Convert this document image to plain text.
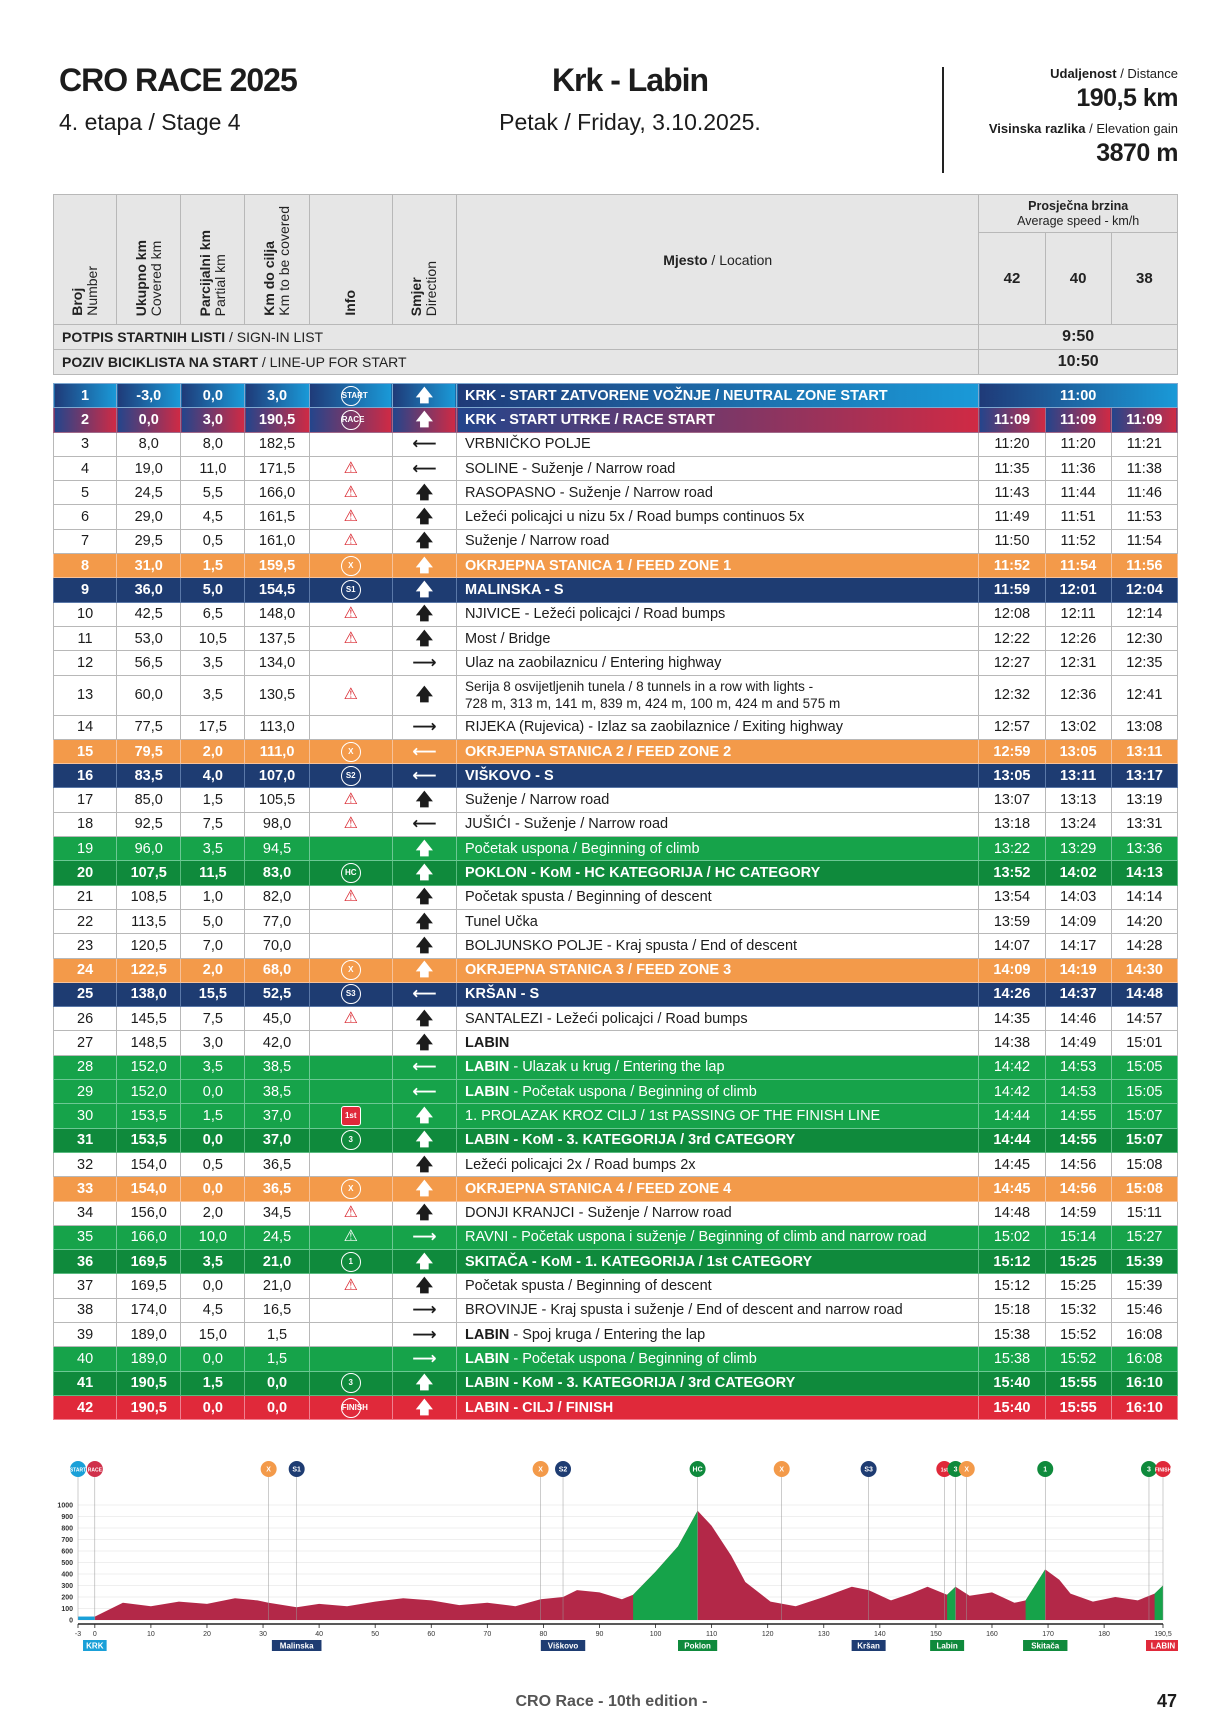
CRO RACE 2025
4. etapa / Stage 4
Krk - Labin
Petak / Friday, 3.10.2025.
Udaljenost / Distance
190,5 km
Visinska razlika / Elevation gain
3870 m
Broj
Number	Ukupno km
Covered km	Parcijalni km
Partial km	Km do cilja
Km to be covered	Info	Smjer
Direction	Mjesto / Location	Prosječna brzina
Average speed - km/h		
							42	40	38
POTPIS STARTNIH LISTI / SIGN-IN LIST							9:50		
POZIV BICIKLISTA NA START / LINE-UP FOR START							10:50		

1	-3,0	0,0	3,0	START	🡅	KRK - START ZATVORENE VOŽNJE / NEUTRAL ZONE START	11:00		
2	0,0	3,0	190,5	RACE	🡅	KRK - START UTRKE / RACE START	11:09	11:09	11:09
3	8,0	8,0	182,5		⟵	VRBNIČKO POLJE	11:20	11:20	11:21
4	19,0	11,0	171,5	⚠	⟵	SOLINE - Suženje / Narrow road	11:35	11:36	11:38
5	24,5	5,5	166,0	⚠	🡅	RASOPASNO - Suženje / Narrow road	11:43	11:44	11:46
6	29,0	4,5	161,5	⚠	🡅	Ležeći policajci u nizu 5x / Road bumps continuos 5x	11:49	11:51	11:53
7	29,5	0,5	161,0	⚠	🡅	Suženje / Narrow road	11:50	11:52	11:54
8	31,0	1,5	159,5	X	🡅	OKRJEPNA STANICA 1 / FEED ZONE 1	11:52	11:54	11:56
9	36,0	5,0	154,5	S1	🡅	MALINSKA - S	11:59	12:01	12:04
10	42,5	6,5	148,0	⚠	🡅	NJIVICE - Ležeći policajci / Road bumps	12:08	12:11	12:14
11	53,0	10,5	137,5	⚠	🡅	Most / Bridge	12:22	12:26	12:30
12	56,5	3,5	134,0		⟶	Ulaz na zaobilaznicu / Entering highway	12:27	12:31	12:35
13	60,0	3,5	130,5	⚠	🡅	Serija 8 osvijetljenih tunela / 8 tunnels in a row with lights -
728 m, 313 m, 141 m, 839 m, 424 m, 100 m, 424 m and 575 m	12:32	12:36	12:41
14	77,5	17,5	113,0		⟶	RIJEKA (Rujevica) - Izlaz sa zaobilaznice / Exiting highway	12:57	13:02	13:08
15	79,5	2,0	111,0	X	⟵	OKRJEPNA STANICA 2 / FEED ZONE 2	12:59	13:05	13:11
16	83,5	4,0	107,0	S2	⟵	VIŠKOVO - S	13:05	13:11	13:17
17	85,0	1,5	105,5	⚠	🡅	Suženje / Narrow road	13:07	13:13	13:19
18	92,5	7,5	98,0	⚠	⟵	JUŠIĆI - Suženje / Narrow road	13:18	13:24	13:31
19	96,0	3,5	94,5		🡅	Početak uspona / Beginning of climb	13:22	13:29	13:36
20	107,5	11,5	83,0	HC	🡅	POKLON - KoM - HC KATEGORIJA / HC CATEGORY	13:52	14:02	14:13
21	108,5	1,0	82,0	⚠	🡅	Početak spusta / Beginning of descent	13:54	14:03	14:14
22	113,5	5,0	77,0		🡅	Tunel Učka	13:59	14:09	14:20
23	120,5	7,0	70,0		🡅	BOLJUNSKO POLJE - Kraj spusta / End of descent	14:07	14:17	14:28
24	122,5	2,0	68,0	X	🡅	OKRJEPNA STANICA 3 / FEED ZONE 3	14:09	14:19	14:30
25	138,0	15,5	52,5	S3	⟵	KRŠAN - S	14:26	14:37	14:48
26	145,5	7,5	45,0	⚠	🡅	SANTALEZI - Ležeći policajci / Road bumps	14:35	14:46	14:57
27	148,5	3,0	42,0		🡅	LABIN	14:38	14:49	15:01
28	152,0	3,5	38,5		⟵	LABIN - Ulazak u krug / Entering the lap	14:42	14:53	15:05
29	152,0	0,0	38,5		⟵	LABIN - Početak uspona / Beginning of climb	14:42	14:53	15:05
30	153,5	1,5	37,0	1st	🡅	1. PROLAZAK KROZ CILJ / 1st PASSING OF THE FINISH LINE	14:44	14:55	15:07
31	153,5	0,0	37,0	3	🡅	LABIN - KoM - 3. KATEGORIJA / 3rd CATEGORY	14:44	14:55	15:07
32	154,0	0,5	36,5		🡅	Ležeći policajci 2x / Road bumps 2x	14:45	14:56	15:08
33	154,0	0,0	36,5	X	🡅	OKRJEPNA STANICA 4 / FEED ZONE 4	14:45	14:56	15:08
34	156,0	2,0	34,5	⚠	🡅	DONJI KRANJCI - Suženje / Narrow road	14:48	14:59	15:11
35	166,0	10,0	24,5	⚠	⟶	RAVNI - Početak uspona i suženje / Beginning of climb and narrow road	15:02	15:14	15:27
36	169,5	3,5	21,0	1	🡅	SKITAČA - KoM - 1. KATEGORIJA / 1st CATEGORY	15:12	15:25	15:39
37	169,5	0,0	21,0	⚠	🡅	Početak spusta / Beginning of descent	15:12	15:25	15:39
38	174,0	4,5	16,5		⟶	BROVINJE - Kraj spusta i suženje / End of descent and narrow road	15:18	15:32	15:46
39	189,0	15,0	1,5		⟶	LABIN - Spoj kruga / Entering the lap	15:38	15:52	16:08
40	189,0	0,0	1,5		⟶	LABIN - Početak uspona / Beginning of climb	15:38	15:52	16:08
41	190,5	1,5	0,0	3	🡅	LABIN - KoM - 3. KATEGORIJA / 3rd CATEGORY	15:40	15:55	16:10
42	190,5	0,0	0,0	FINISH	🡅	LABIN - CILJ / FINISH	15:40	15:55	16:10
1000
900
800
700
600
500
400
300
200
100
0
-3 0	10	20	30	40	50	60	70	80	90	100	110	120	130	140	150	160	170	180	190,5
KRK	Malinska	Viškovo	Poklon	Kršan	Labin	Skitača	LABIN
START RACE	X	S1	X S2	HC	X	S3	1st 3 X	1	3 FINISH
CRO Race - 10th edition -	47
